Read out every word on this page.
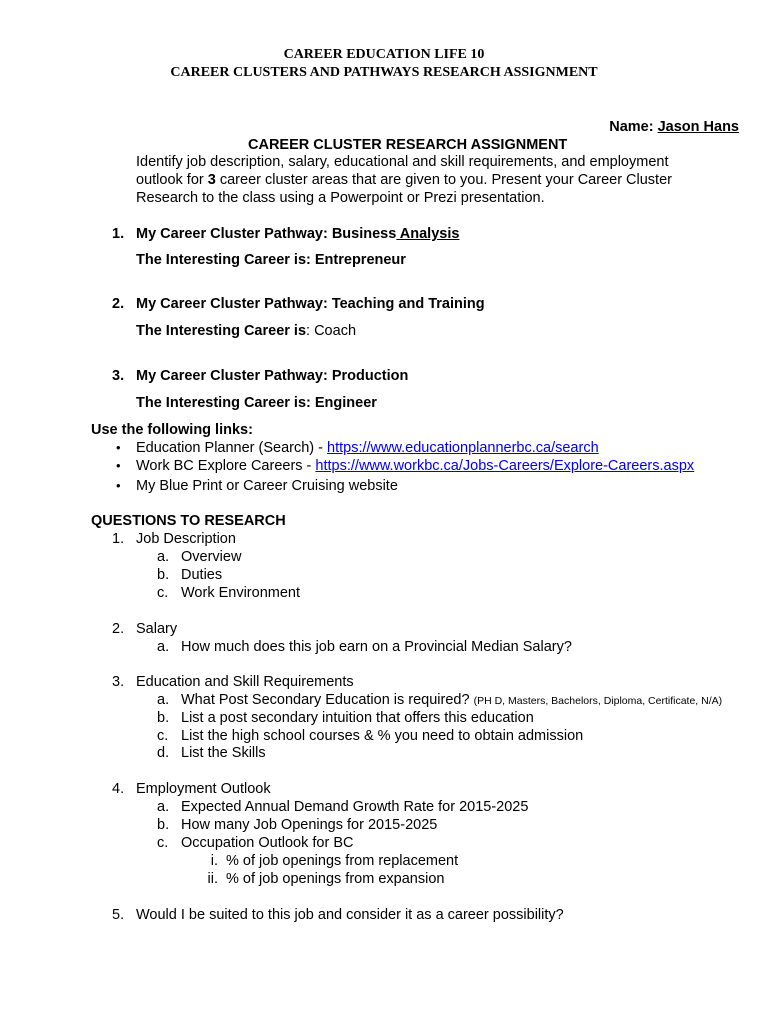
CAREER EDUCATION LIFE 10
CAREER CLUSTERS AND PATHWAYS RESEARCH ASSIGNMENT
Name: Jason Hans
CAREER CLUSTER RESEARCH ASSIGNMENT
Identify job description, salary, educational and skill requirements, and employment
outlook for 3 career cluster areas that are given to you. Present your Career Cluster
Research to the class using a Powerpoint or Prezi presentation.
1. My Career Cluster Pathway: Business Analysis
The Interesting Career is: Entrepreneur
2. My Career Cluster Pathway: Teaching and Training
The Interesting Career is: Coach
3. My Career Cluster Pathway: Production
The Interesting Career is: Engineer
Use the following links:
• Education Planner (Search) - https://www.educationplannerbc.ca/search
• Work BC Explore Careers - https://www.workbc.ca/Jobs-Careers/Explore-Careers.aspx
• My Blue Print or Career Cruising website
QUESTIONS TO RESEARCH
1. Job Description
a. Overview
b. Duties
c. Work Environment
2. Salary
a. How much does this job earn on a Provincial Median Salary?
3. Education and Skill Requirements
a. What Post Secondary Education is required? (PH D, Masters, Bachelors, Diploma, Certificate, N/A)
b. List a post secondary intuition that offers this education
c. List the high school courses & % you need to obtain admission
d. List the Skills
4. Employment Outlook
a. Expected Annual Demand Growth Rate for 2015-2025
b. How many Job Openings for 2015-2025
c. Occupation Outlook for BC
i. % of job openings from replacement
ii. % of job openings from expansion
5. Would I be suited to this job and consider it as a career possibility?
